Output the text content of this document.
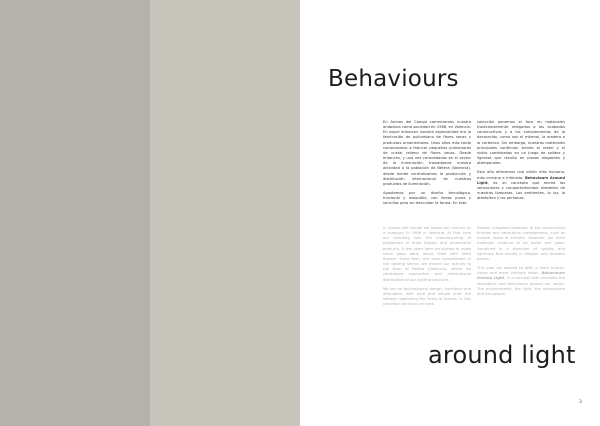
Behaviours

En Anmos del Campo comenzamos nuestra andadura como sociedad en 1986, en Valencia. En aquel entonces nuestra especialidad era la fabricación de poliuretano de flores secas y productos ornamentales. Unos años más tarde comenzamos a fabricar pequeñas pulmenaras de cristal relleno de flores secas. Desde entonces, y una vez consolidados en el sector de la iluminación, trasladamos nuestra actividad a la población de Betera (Valencia), desde donde centralizamos la producción y distribución internacional de nuestros productos de iluminación.

Apostamos por un diseño tecnológico, funcional y asequible, con líneas puras y sencillas pero sin descuidar la forma. En este

colección ponemos el foco en materiales tradicionalmente relegados a los acabados constructivos y a los complementos de la decoración, como son el mármol, la madera o la cerámica. Sin embargo, nuestros materiales principales continúan siendo el metal y el vidrio combinados en un juego de solidez y ligereza que resulta en piezas elegantes y atemporales.

Este año ofrecemos una visión más humana, más cercana e intimista. Behaviours Around Light, es un concepto que recrea las sensaciones y comportamientos alrededor de nuestras lámparas. Los ambientes, la luz, la atmósfera y las personas.

In Anmos del Campo we began our journey as a company in 1986 in Valencia. At that time our specialty was the manufacturing of polyporate of dried flowers and ornamental products. A few years later we started to make small glass table lamps filled with dried flowers. Since then, and once consolidated in the lighting sector, we moved our activity to the town of Betera (Valencia), where we centralised production and international distribution of our lighting products.

We bet on technological design, functional and affordable, with pure and simple lines but without neglecting the forms of Anmos. In this collection we focus on tradi-

tionally relegated materials to the construction finishes and decorative complements, such as marble, wood or ceramic. However, our main materials continue to be metal and glass, combined in a diversion of solidity and lightness that results in elegant and timeless pieces.

This year we wanted to offer a more human, closer and more intimate vision. Behaviours Around Light, is a concept that recreates the sensations and behaviours around our lamps. The environments, the light, the atmosphere and the people.

around light
3
